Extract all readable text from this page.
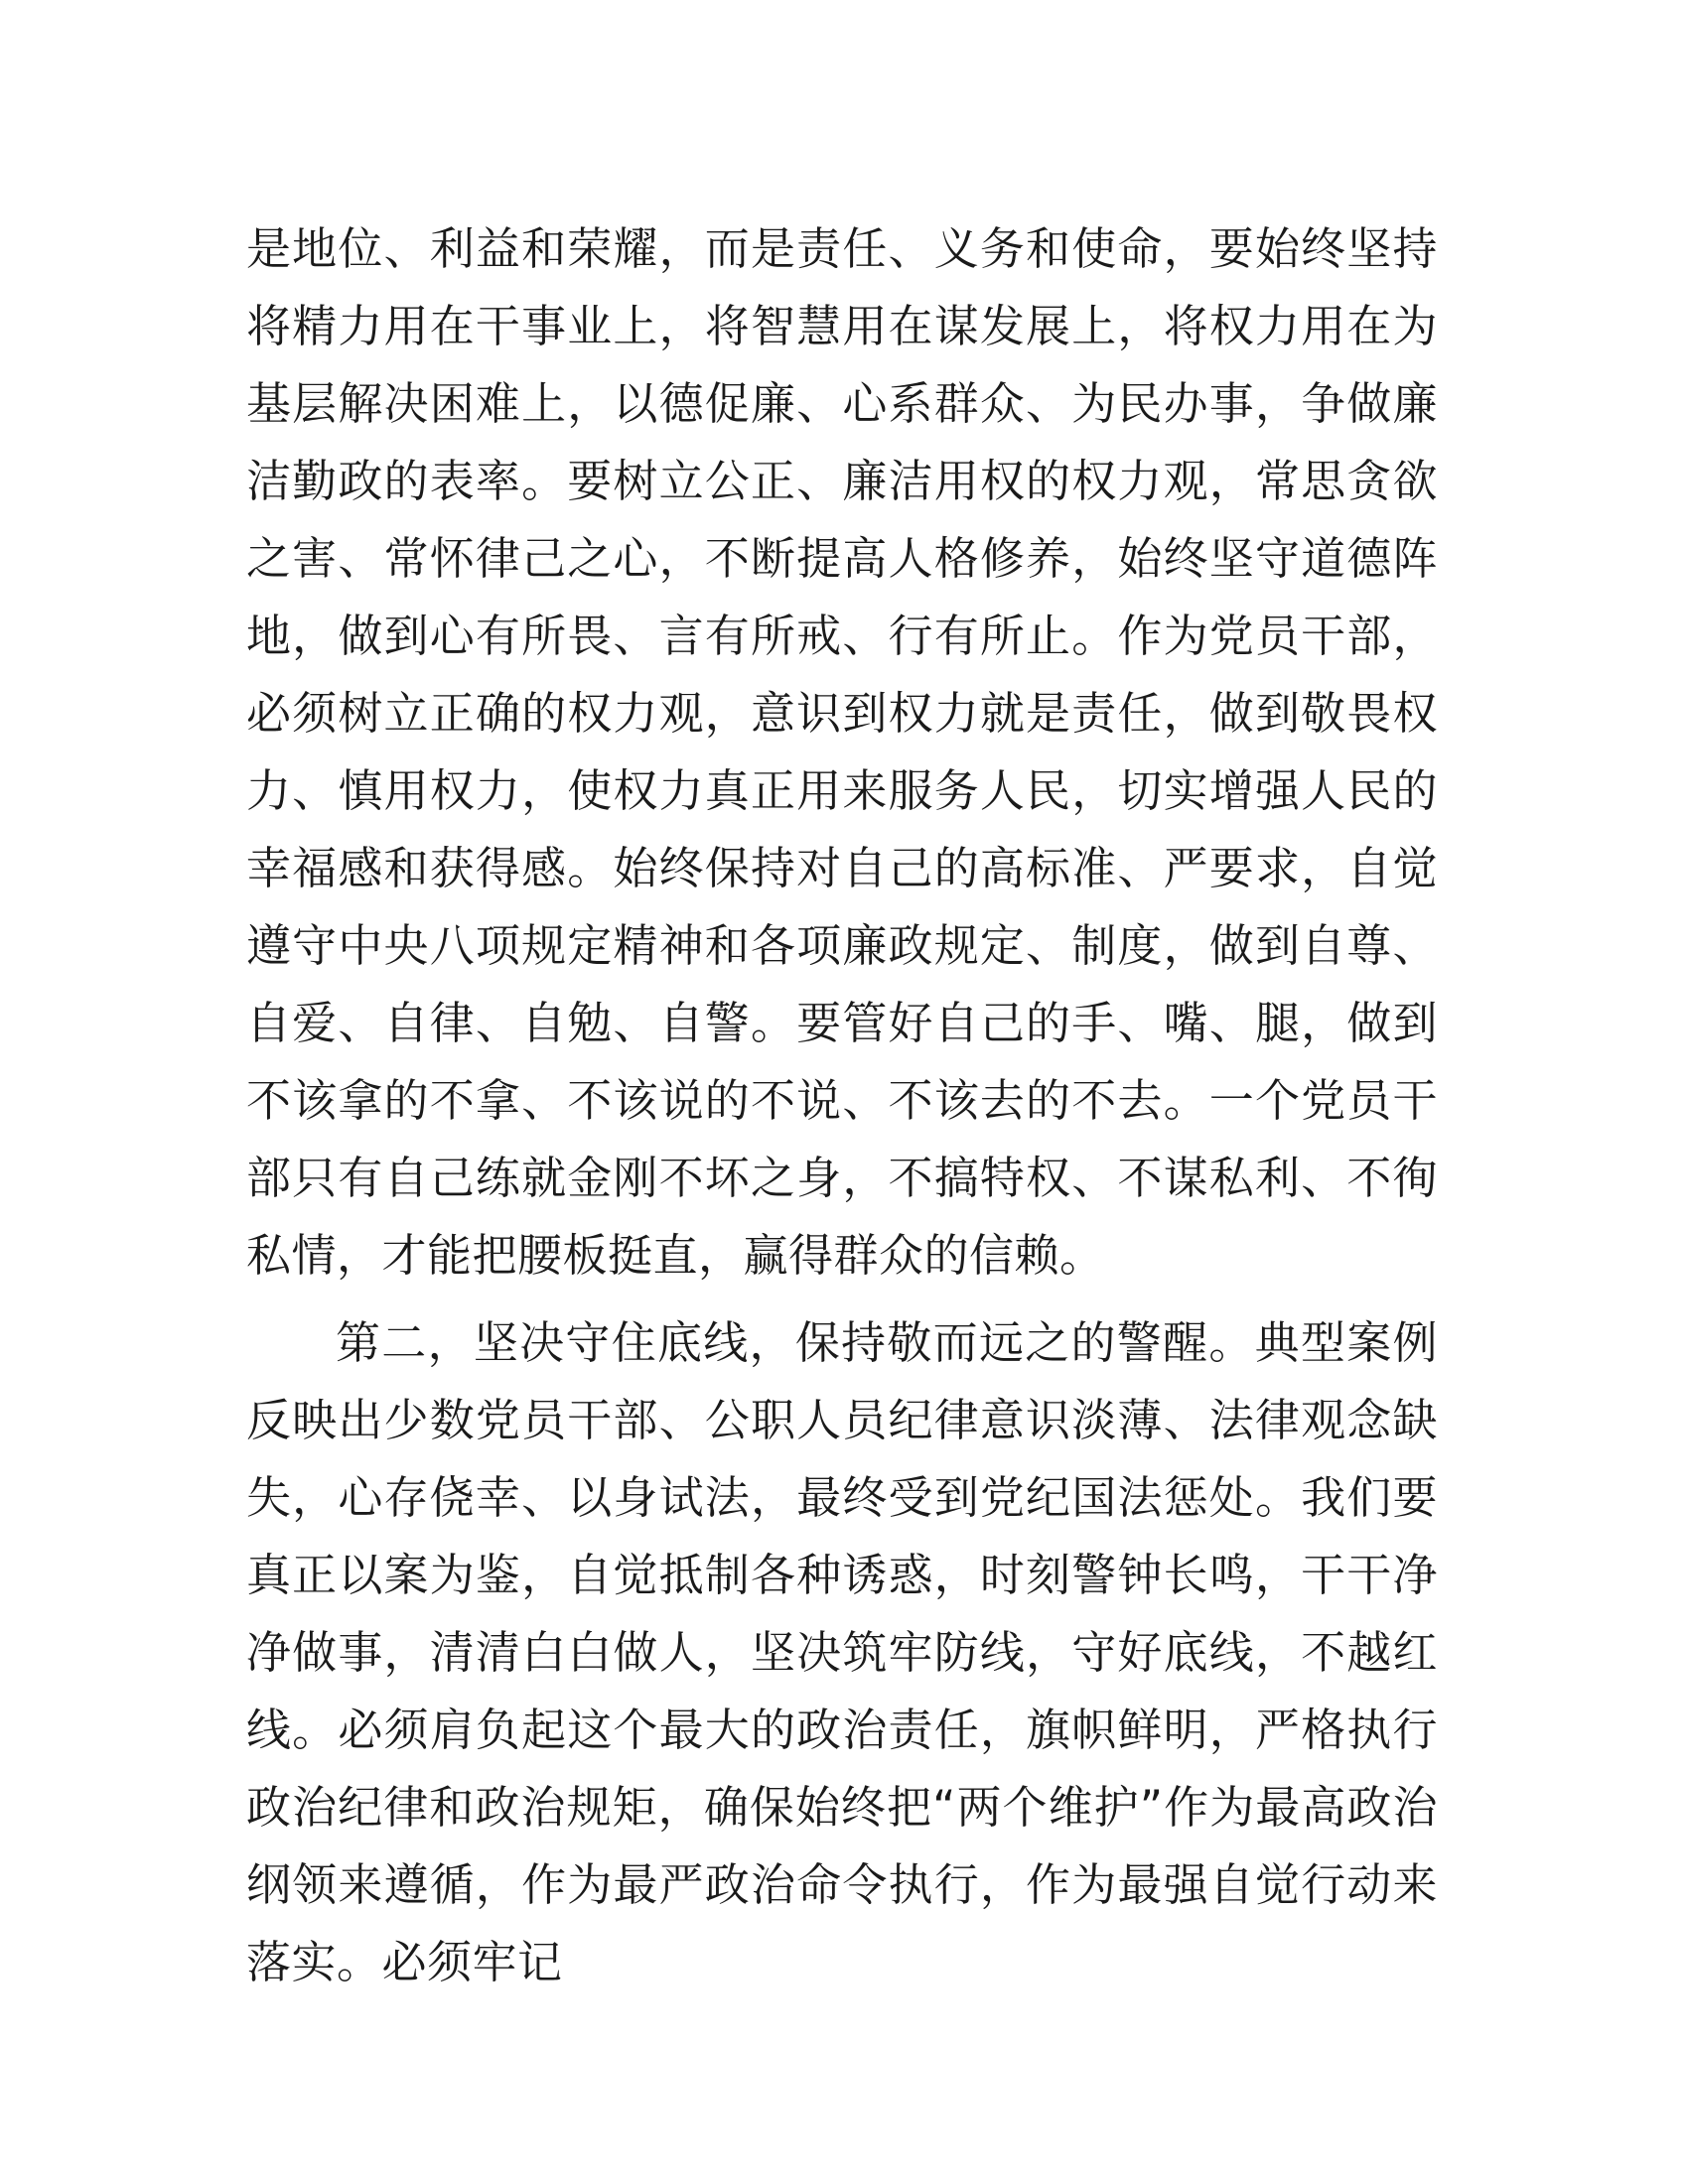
是地位、利益和荣耀，而是责任、义务和使命，要始终坚持将精力用在干事业上，将智慧用在谋发展上，将权力用在为基层解决困难上，以德促廉、心系群众、为民办事，争做廉洁勤政的表率。要树立公正、廉洁用权的权力观，常思贪欲之害、常怀律己之心，不断提高人格修养，始终坚守道德阵地，做到心有所畏、言有所戒、行有所止。作为党员干部，必须树立正确的权力观，意识到权力就是责任，做到敬畏权力、慎用权力，使权力真正用来服务人民，切实增强人民的幸福感和获得感。始终保持对自己的高标准、严要求，自觉遵守中央八项规定精神和各项廉政规定、制度，做到自尊、自爱、自律、自勉、自警。要管好自己的手、嘴、腿，做到不该拿的不拿、不该说的不说、不该去的不去。一个党员干部只有自己练就金刚不坏之身，不搞特权、不谋私利、不徇私情，才能把腰板挺直，赢得群众的信赖。

第二，坚决守住底线，保持敬而远之的警醒。典型案例反映出少数党员干部、公职人员纪律意识淡薄、法律观念缺失，心存侥幸、以身试法，最终受到党纪国法惩处。我们要真正以案为鉴，自觉抵制各种诱惑，时刻警钟长鸣，干干净净做事，清清白白做人，坚决筑牢防线，守好底线，不越红线。必须肩负起这个最大的政治责任，旗帜鲜明，严格执行政治纪律和政治规矩，确保始终把“两个维护”作为最高政治纲领来遵循，作为最严政治命令执行，作为最强自觉行动来落实。必须牢记
